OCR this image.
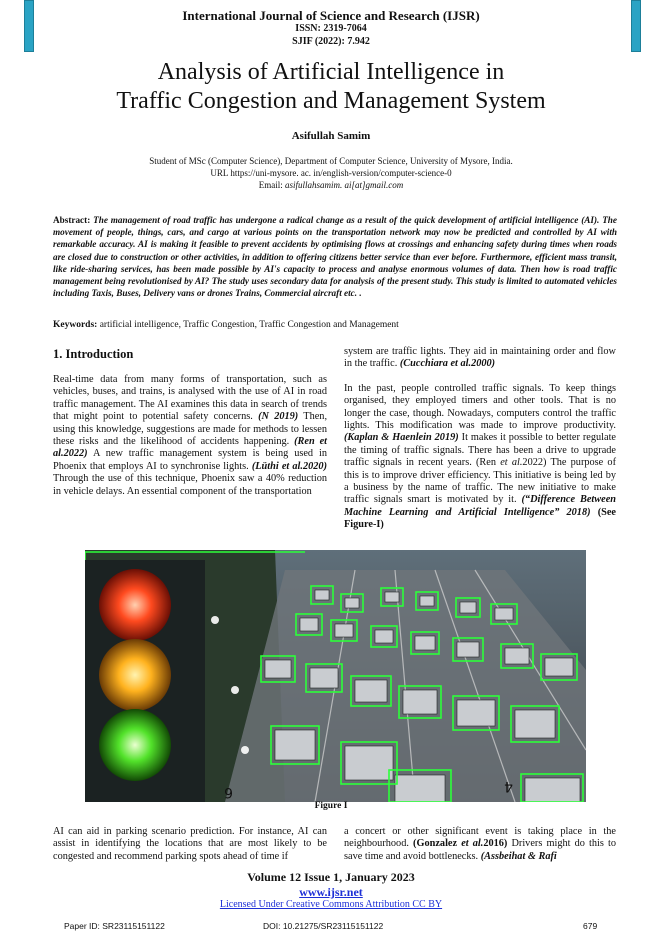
International Journal of Science and Research (IJSR)
ISSN: 2319-7064
SJIF (2022): 7.942
Analysis of Artificial Intelligence in
Traffic Congestion and Management System
Asifullah Samim
Student of MSc (Computer Science), Department of Computer Science, University of Mysore, India.
URL https://uni-mysore. ac. in/english-version/computer-science-0
Email: asifullahsamim. ai[at]gmail.com
Abstract: The management of road traffic has undergone a radical change as a result of the quick development of artificial intelligence (AI). The movement of people, things, cars, and cargo at various points on the transportation network may now be predicted and controlled by AI with remarkable accuracy. AI is making it feasible to prevent accidents by optimising flows at crossings and enhancing safety during times when roads are closed due to construction or other activities, in addition to offering citizens better service than ever before. Furthermore, efficient mass transit, like ride-sharing services, has been made possible by AI's capacity to process and analyse enormous volumes of data. Then how is road traffic management being revolutionised by AI? The study uses secondary data for analysis of the present study. This study is limited to automated vehicles including Taxis, Buses, Delivery vans or drones Trains, Commercial aircraft etc. .
Keywords: artificial intelligence, Traffic Congestion, Traffic Congestion and Management
1. Introduction

Real-time data from many forms of transportation, such as vehicles, buses, and trains, is analysed with the use of AI in road traffic management. The AI examines this data in search of trends that might point to potential safety concerns. (N 2019) Then, using this knowledge, suggestions are made for methods to lessen these risks and the likelihood of accidents happening. (Ren et al.2022) A new traffic management system is being used in Phoenix that employs AI to synchronise lights. (Lüthi et al.2020) Through the use of this technique, Phoenix saw a 40% reduction in vehicle delays. An essential component of the transportation

system are traffic lights. They aid in maintaining order and flow in the traffic. (Cucchiara et al.2000)

In the past, people controlled traffic signals. To keep things organised, they employed timers and other tools. That is no longer the case, though. Nowadays, computers control the traffic lights. This modification was made to improve productivity. (Kaplan & Haenlein 2019) It makes it possible to better regulate the timing of traffic signals. There has been a drive to upgrade traffic signals in recent years. (Ren et al.2022) The purpose of this is to improve driver efficiency. This initiative is being led by a business by the name of traffic. The new initiative to make traffic signals smart is motivated by it. (“Difference Between Machine Learning and Artificial Intelligence” 2018) (See Figure-I)

6	4
Figure I
AI can aid in parking scenario prediction. For instance, AI can assist in identifying the locations that are most likely to be congested and recommend parking spots ahead of time if
a concert or other significant event is taking place in the neighbourhood. (Gonzalez et al.2016) Drivers might do this to save time and avoid bottlenecks. (Assbeihat & Rafi
Volume 12 Issue 1, January 2023
www.ijsr.net
Licensed Under Creative Commons Attribution CC BY
Paper ID: SR23115151122	DOI: 10.21275/SR23115151122	679
